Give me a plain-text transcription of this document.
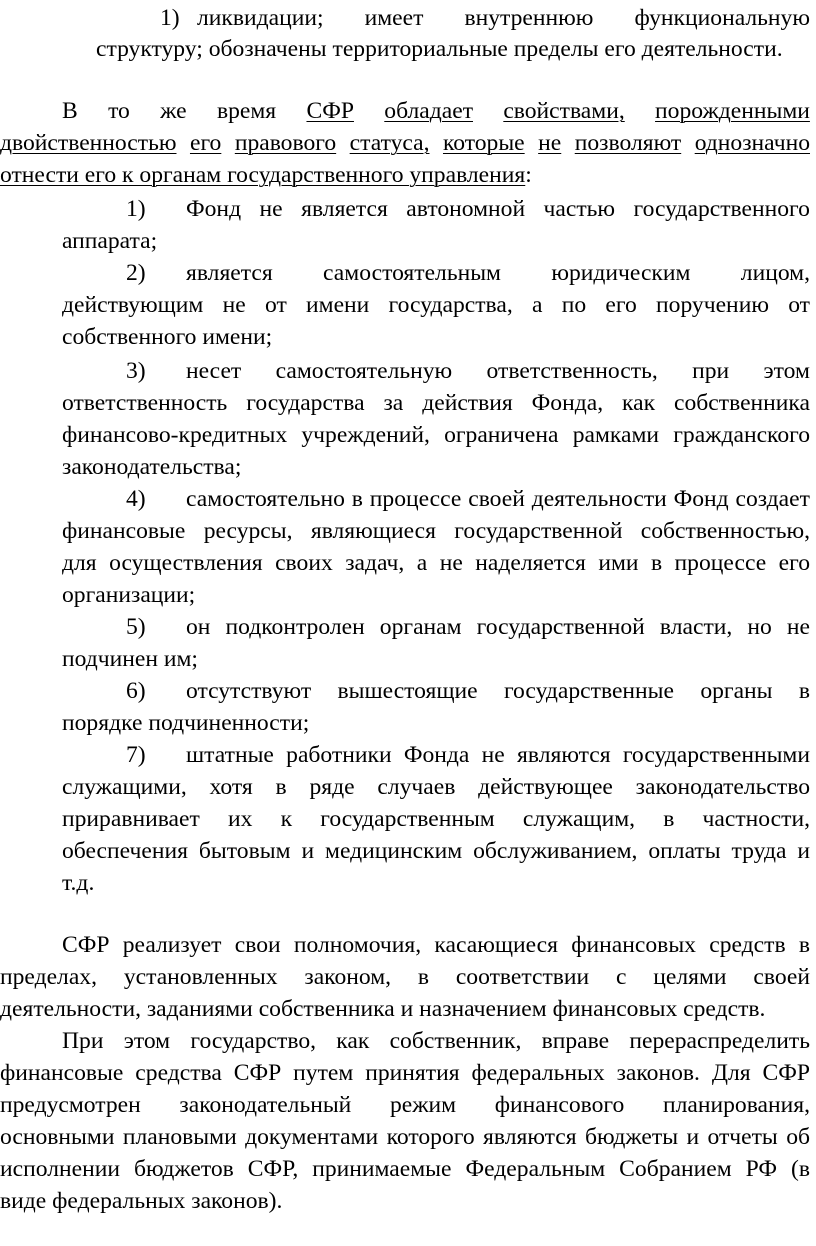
1) ликвидации; имеет внутреннюю функциональную
структуру; обозначены территориальные пределы его деятельности.
В то же время СФР обладает свойствами, порожденными
двойственностью его правового статуса, которые не позволяют однозначно
отнести его к органам государственного управления:
1) Фонд не является автономной частью государственного
аппарата;
2) является самостоятельным юридическим лицом,
действующим не от имени государства, а по его поручению от
собственного имени;
3) несет самостоятельную ответственность, при этом
ответственность государства за действия Фонда, как собственника
финансово-кредитных учреждений, ограничена рамками гражданского
законодательства;
4) самостоятельно в процессе своей деятельности Фонд создает
финансовые ресурсы, являющиеся государственной собственностью,
для осуществления своих задач, а не наделяется ими в процессе его
организации;
5) он подконтролен органам государственной власти, но не
подчинен им;
6) отсутствуют вышестоящие государственные органы в
порядке подчиненности;
7) штатные работники Фонда не являются государственными
служащими, хотя в ряде случаев действующее законодательство
приравнивает их к государственным служащим, в частности,
обеспечения бытовым и медицинским обслуживанием, оплаты труда и
т.д.
СФР реализует свои полномочия, касающиеся финансовых средств в
пределах, установленных законом, в соответствии с целями своей
деятельности, заданиями собственника и назначением финансовых средств.
При этом государство, как собственник, вправе перераспределить
финансовые средства СФР путем принятия федеральных законов. Для СФР
предусмотрен законодательный режим финансового планирования,
основными плановыми документами которого являются бюджеты и отчеты об
исполнении бюджетов СФР, принимаемые Федеральным Собранием РФ (в
виде федеральных законов).
